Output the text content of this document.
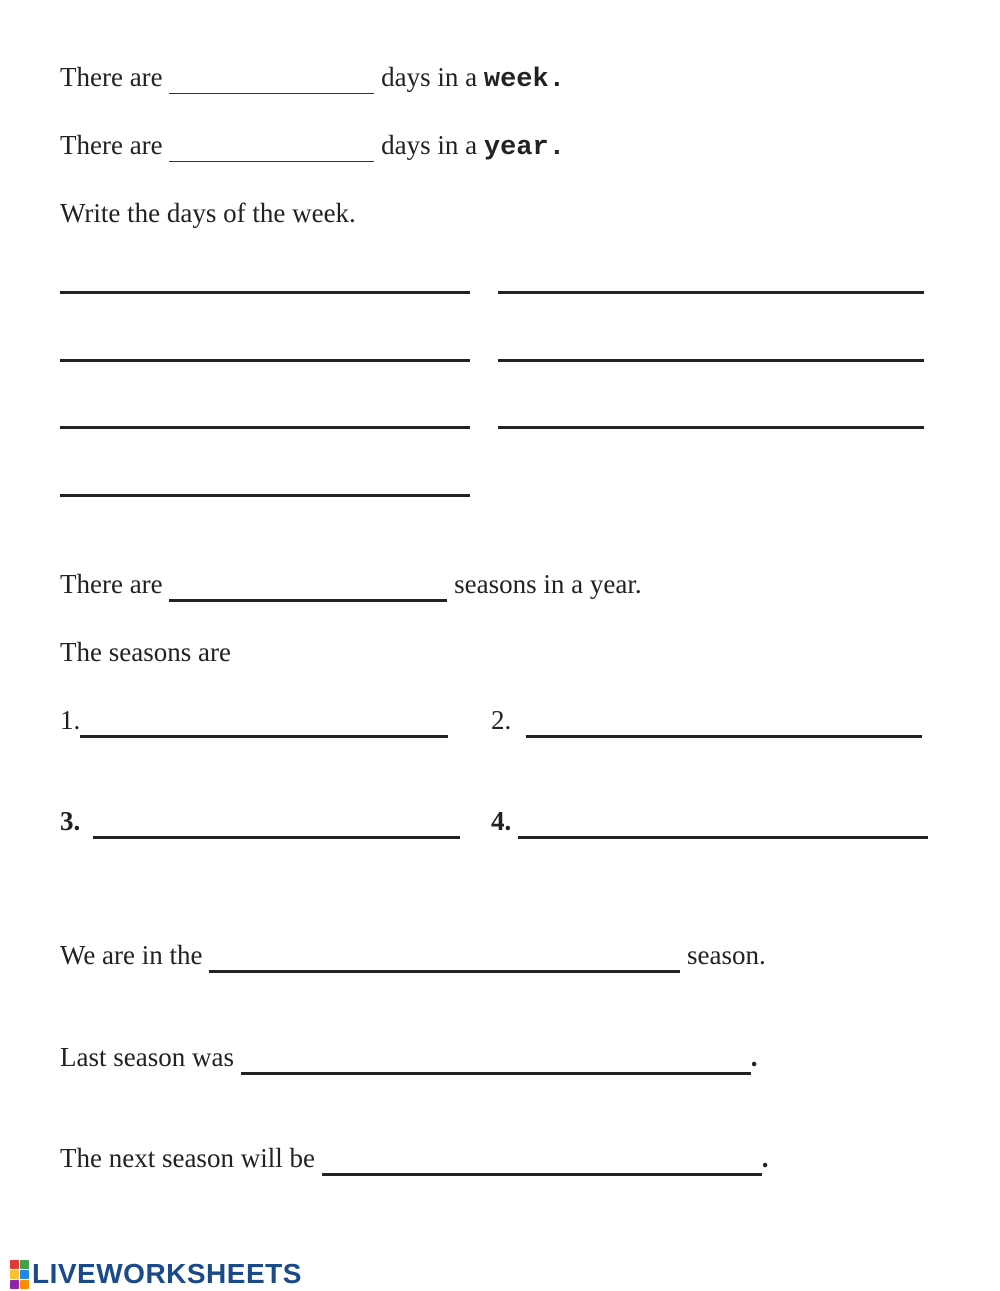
There are	days in a week.
There are	days in a year.
Write the days of the week.
There are	seasons in a year.
The seasons are
1.	2.
3.	4.
We are in the	season.
Last season was	.
The next season will be	.
LIVEWORKSHEETS
